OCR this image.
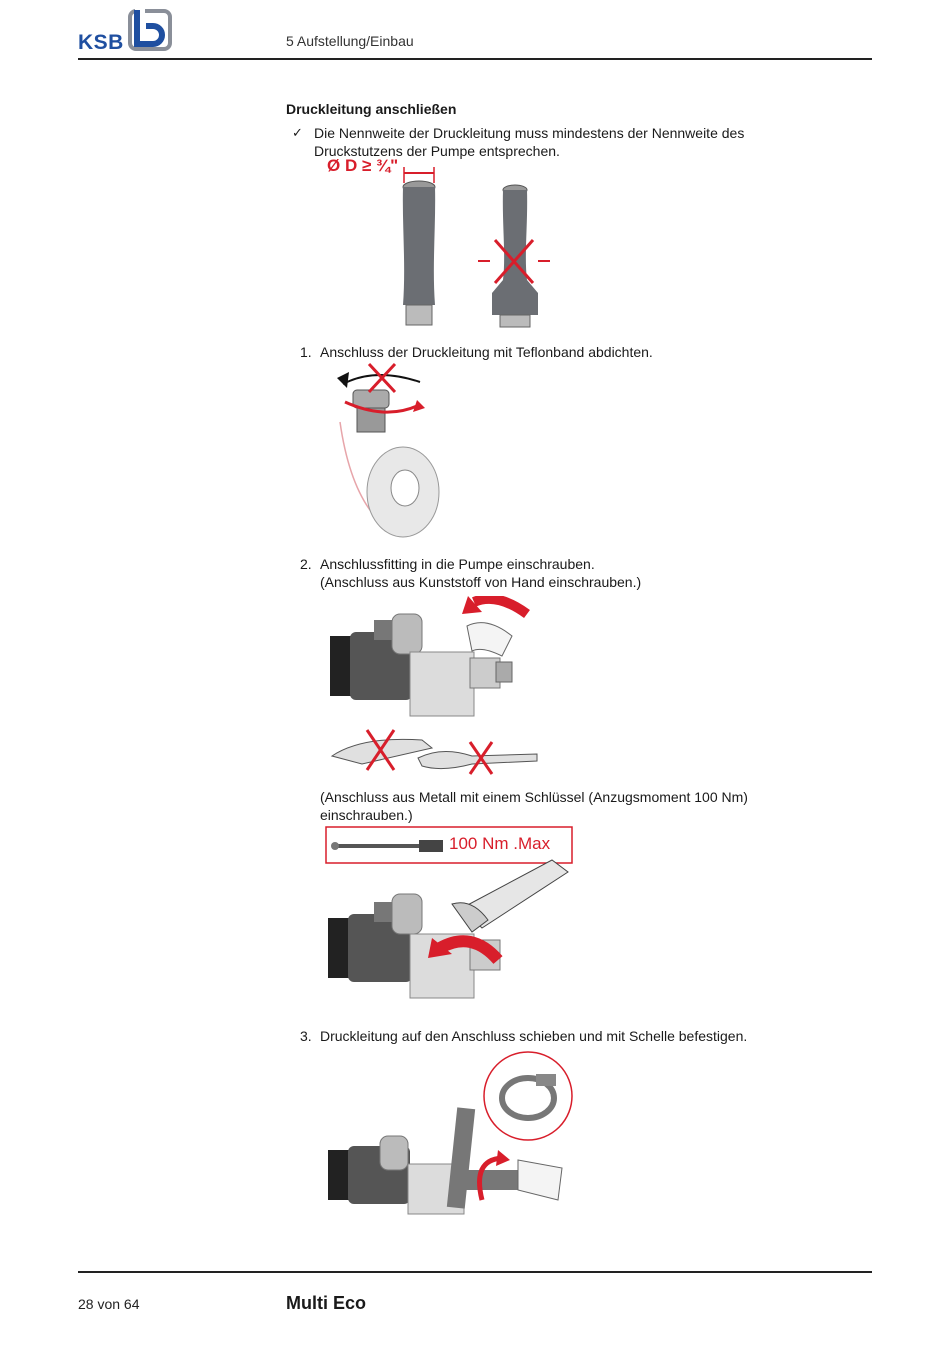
KSB	5 Aufstellung/Einbau
Druckleitung anschließen
✓ Die Nennweite der Druckleitung muss mindestens der Nennweite des
Druckstutzens der Pumpe entsprechen.
Ø D ≥ ¾"
1. Anschluss der Druckleitung mit Teflonband abdichten.
2. Anschlussfitting in die Pumpe einschrauben.
(Anschluss aus Kunststoff von Hand einschrauben.)
(Anschluss aus Metall mit einem Schlüssel (Anzugsmoment 100 Nm)
einschrauben.)
100 Nm .Max
3. Druckleitung auf den Anschluss schieben und mit Schelle befestigen.
28 von 64	Multi Eco
